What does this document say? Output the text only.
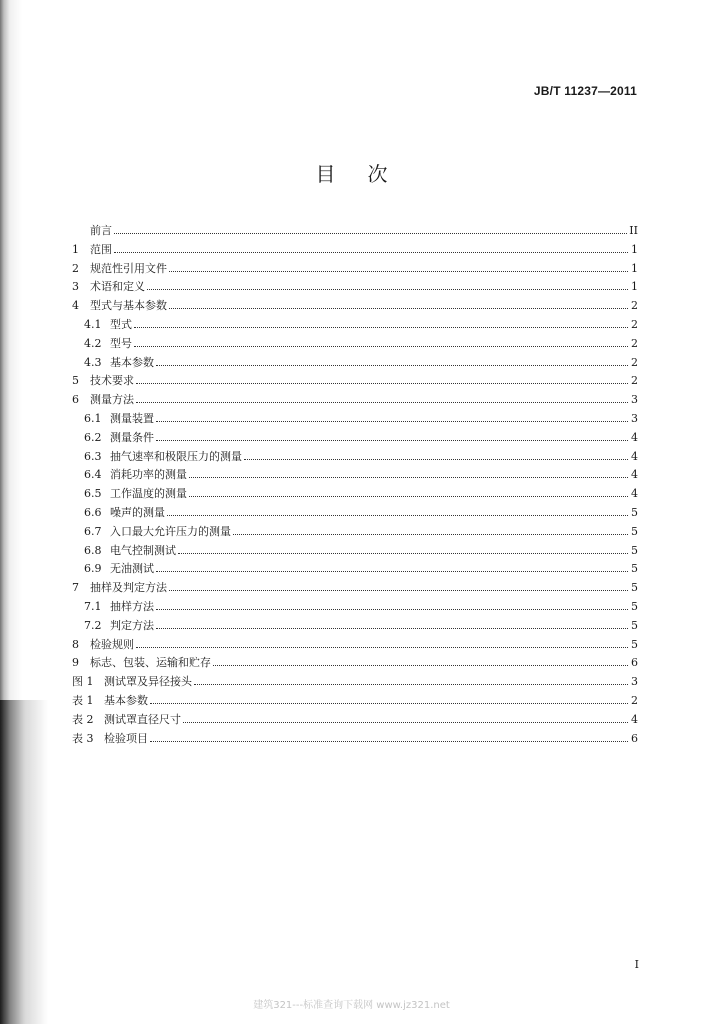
JB/T 11237—2011
目次
前言	II
1	范围	1
2	规范性引用文件	1
3	术语和定义	1
4	型式与基本参数	2
4.1 型式	2
4.2 型号	2
4.3 基本参数	2
5	技术要求	2
6	测量方法	3
6.1 测量装置	3
6.2 测量条件	4
6.3 抽气速率和极限压力的测量	4
6.4 消耗功率的测量	4
6.5 工作温度的测量	4
6.6 噪声的测量	5
6.7 入口最大允许压力的测量	5
6.8 电气控制测试	5
6.9 无油测试	5
7	抽样及判定方法	5
7.1 抽样方法	5
7.2 判定方法	5
8	检验规则	5
9	标志、包装、运输和贮存	6
图 1 测试罩及异径接头	3
表 1 基本参数	2
表 2 测试罩直径尺寸	4
表 3 检验项目	6
I
建筑321---标准查询下载网 www.jz321.net
